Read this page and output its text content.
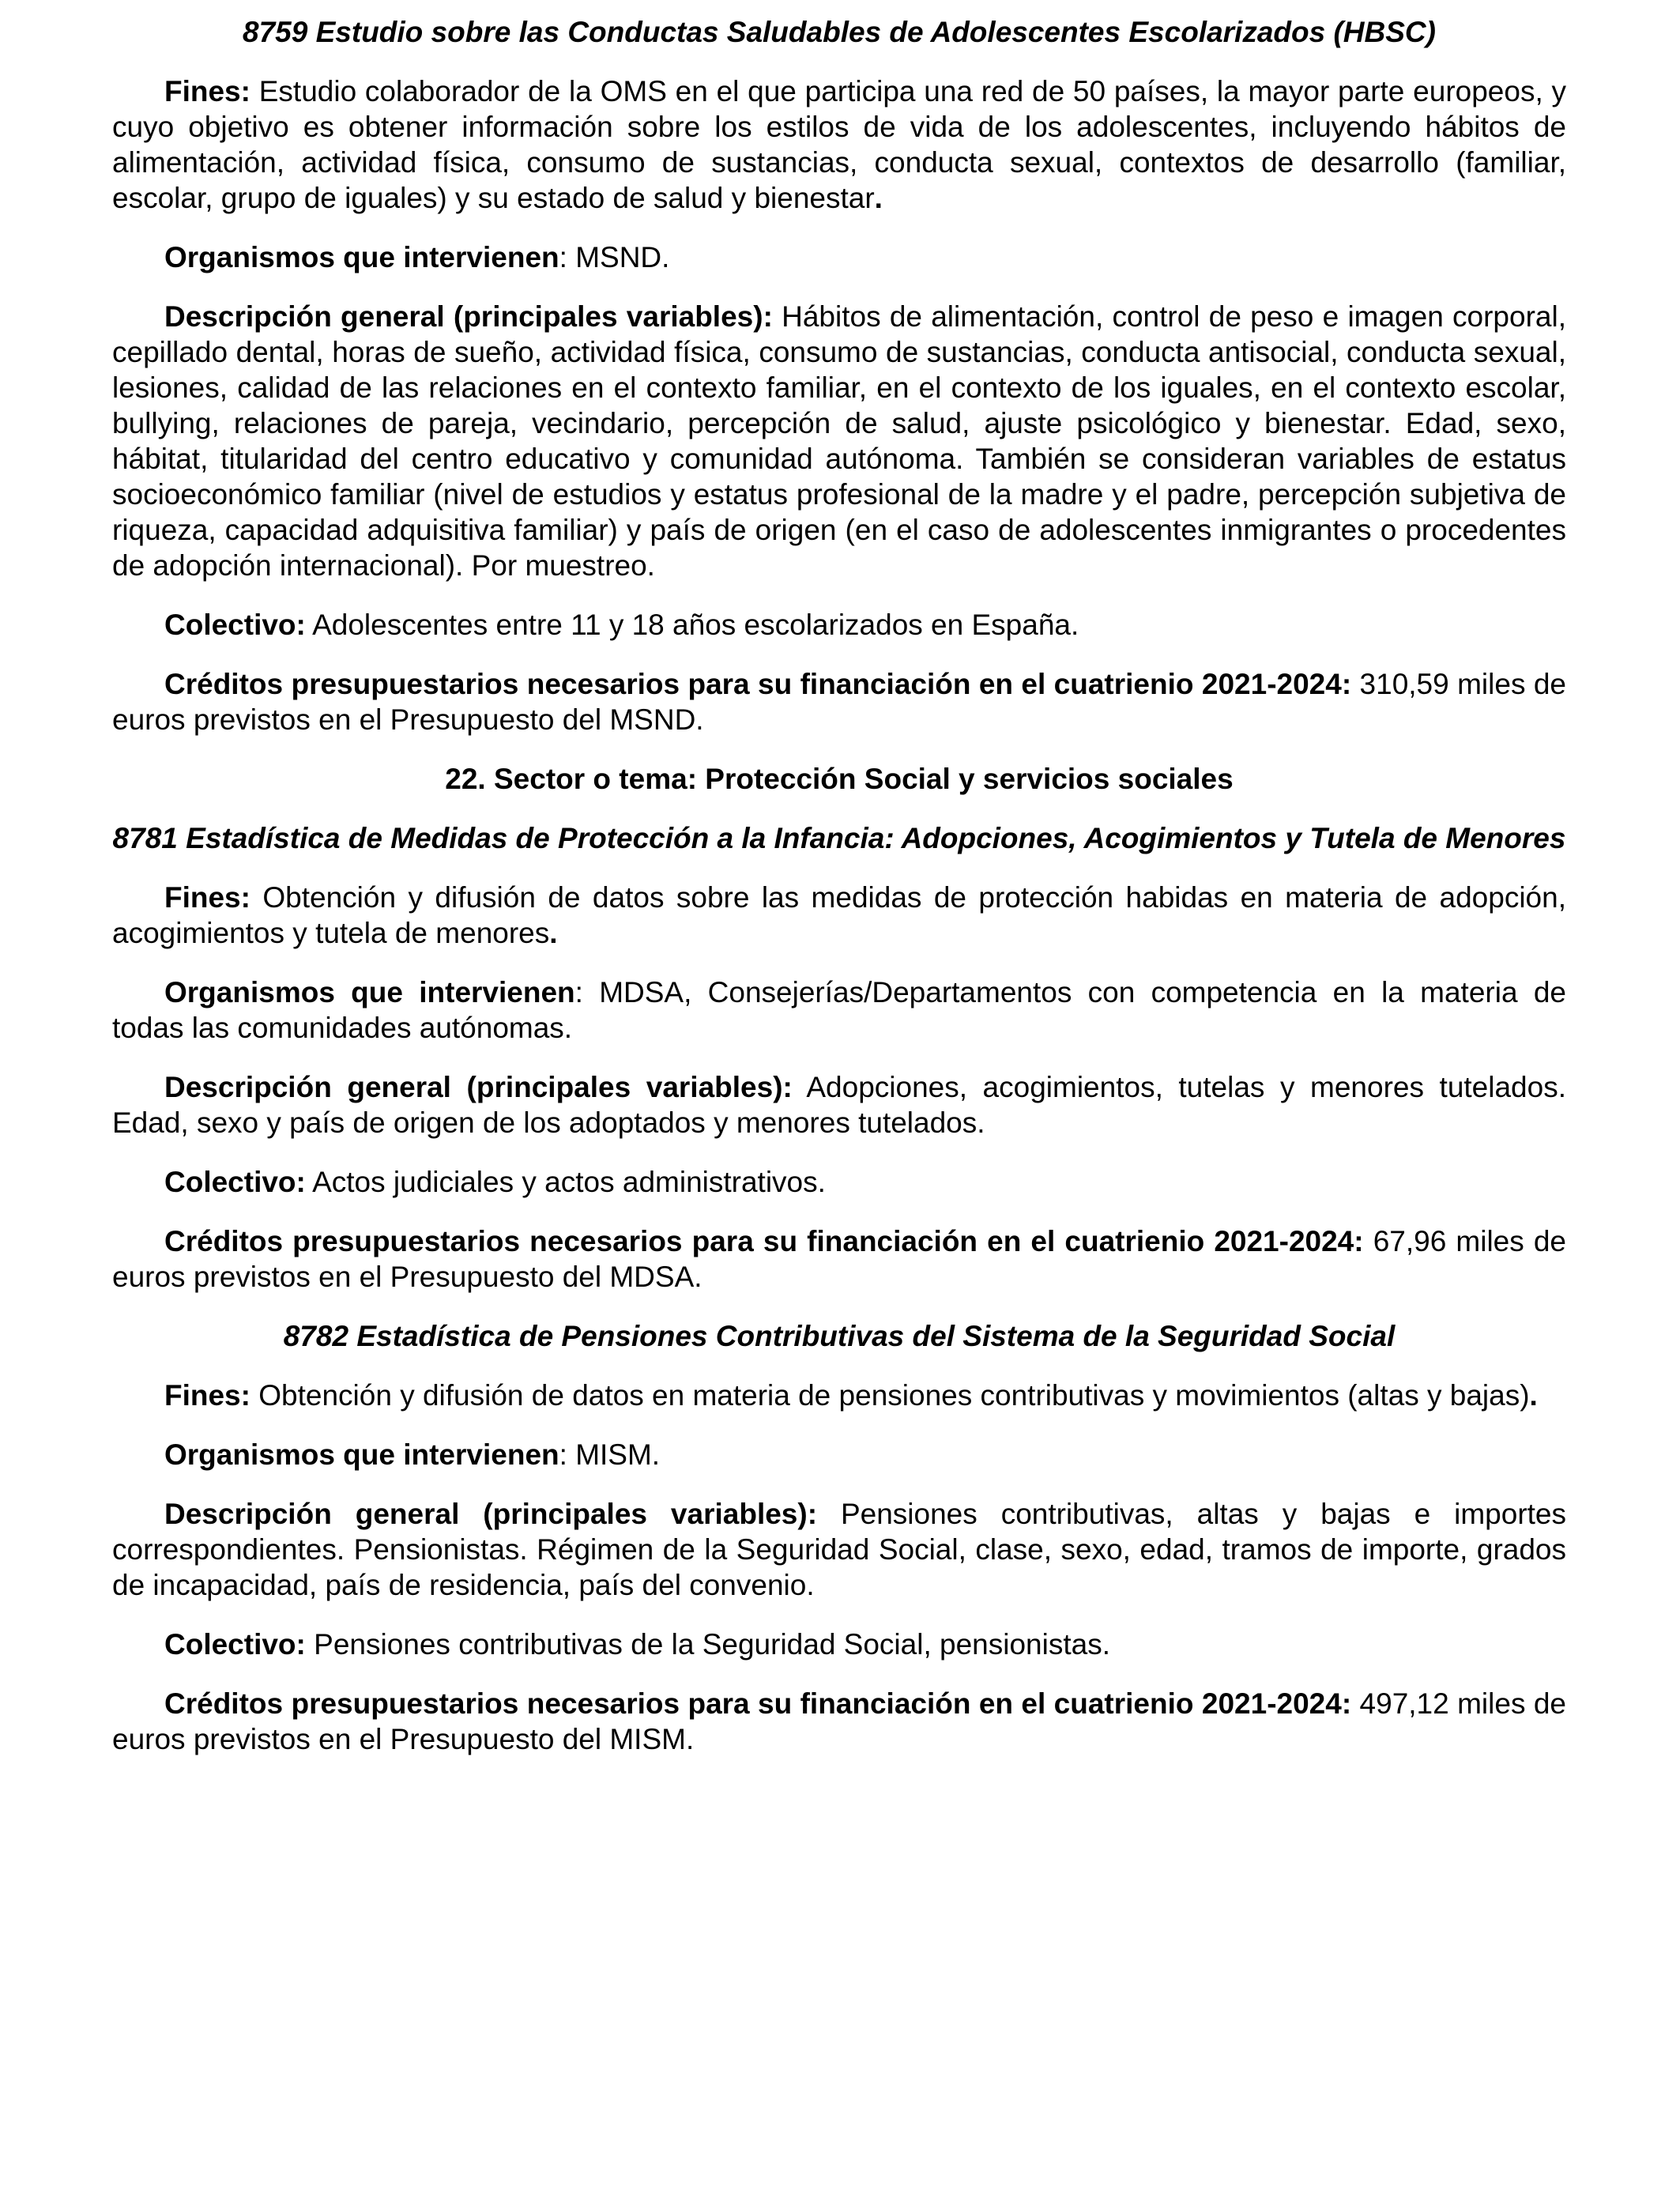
8759 Estudio sobre las Conductas Saludables de Adolescentes Escolarizados (HBSC)

Fines: Estudio colaborador de la OMS en el que participa una red de 50 países, la mayor parte europeos, y cuyo objetivo es obtener información sobre los estilos de vida de los adolescentes, incluyendo hábitos de alimentación, actividad física, consumo de sustancias, conducta sexual, contextos de desarrollo (familiar, escolar, grupo de iguales) y su estado de salud y bienestar.

Organismos que intervienen: MSND.

Descripción general (principales variables): Hábitos de alimentación, control de peso e imagen corporal, cepillado dental, horas de sueño, actividad física, consumo de sustancias, conducta antisocial, conducta sexual, lesiones, calidad de las relaciones en el contexto familiar, en el contexto de los iguales, en el contexto escolar, bullying, relaciones de pareja, vecindario, percepción de salud, ajuste psicológico y bienestar. Edad, sexo, hábitat, titularidad del centro educativo y comunidad autónoma. También se consideran variables de estatus socioeconómico familiar (nivel de estudios y estatus profesional de la madre y el padre, percepción subjetiva de riqueza, capacidad adquisitiva familiar) y país de origen (en el caso de adolescentes inmigrantes o procedentes de adopción internacional). Por muestreo.

Colectivo: Adolescentes entre 11 y 18 años escolarizados en España.

Créditos presupuestarios necesarios para su financiación en el cuatrienio 2021-2024: 310,59 miles de euros previstos en el Presupuesto del MSND.

22. Sector o tema: Protección Social y servicios sociales

8781 Estadística de Medidas de Protección a la Infancia: Adopciones, Acogimientos y Tutela de Menores

Fines: Obtención y difusión de datos sobre las medidas de protección habidas en materia de adopción, acogimientos y tutela de menores.

Organismos que intervienen: MDSA, Consejerías/Departamentos con competencia en la materia de todas las comunidades autónomas.

Descripción general (principales variables): Adopciones, acogimientos, tutelas y menores tutelados. Edad, sexo y país de origen de los adoptados y menores tutelados.

Colectivo: Actos judiciales y actos administrativos.

Créditos presupuestarios necesarios para su financiación en el cuatrienio 2021-2024: 67,96 miles de euros previstos en el Presupuesto del MDSA.

8782 Estadística de Pensiones Contributivas del Sistema de la Seguridad Social

Fines: Obtención y difusión de datos en materia de pensiones contributivas y movimientos (altas y bajas).

Organismos que intervienen: MISM.

Descripción general (principales variables): Pensiones contributivas, altas y bajas e importes correspondientes. Pensionistas. Régimen de la Seguridad Social, clase, sexo, edad, tramos de importe, grados de incapacidad, país de residencia, país del convenio.

Colectivo: Pensiones contributivas de la Seguridad Social, pensionistas.

Créditos presupuestarios necesarios para su financiación en el cuatrienio 2021-2024: 497,12 miles de euros previstos en el Presupuesto del MISM.
